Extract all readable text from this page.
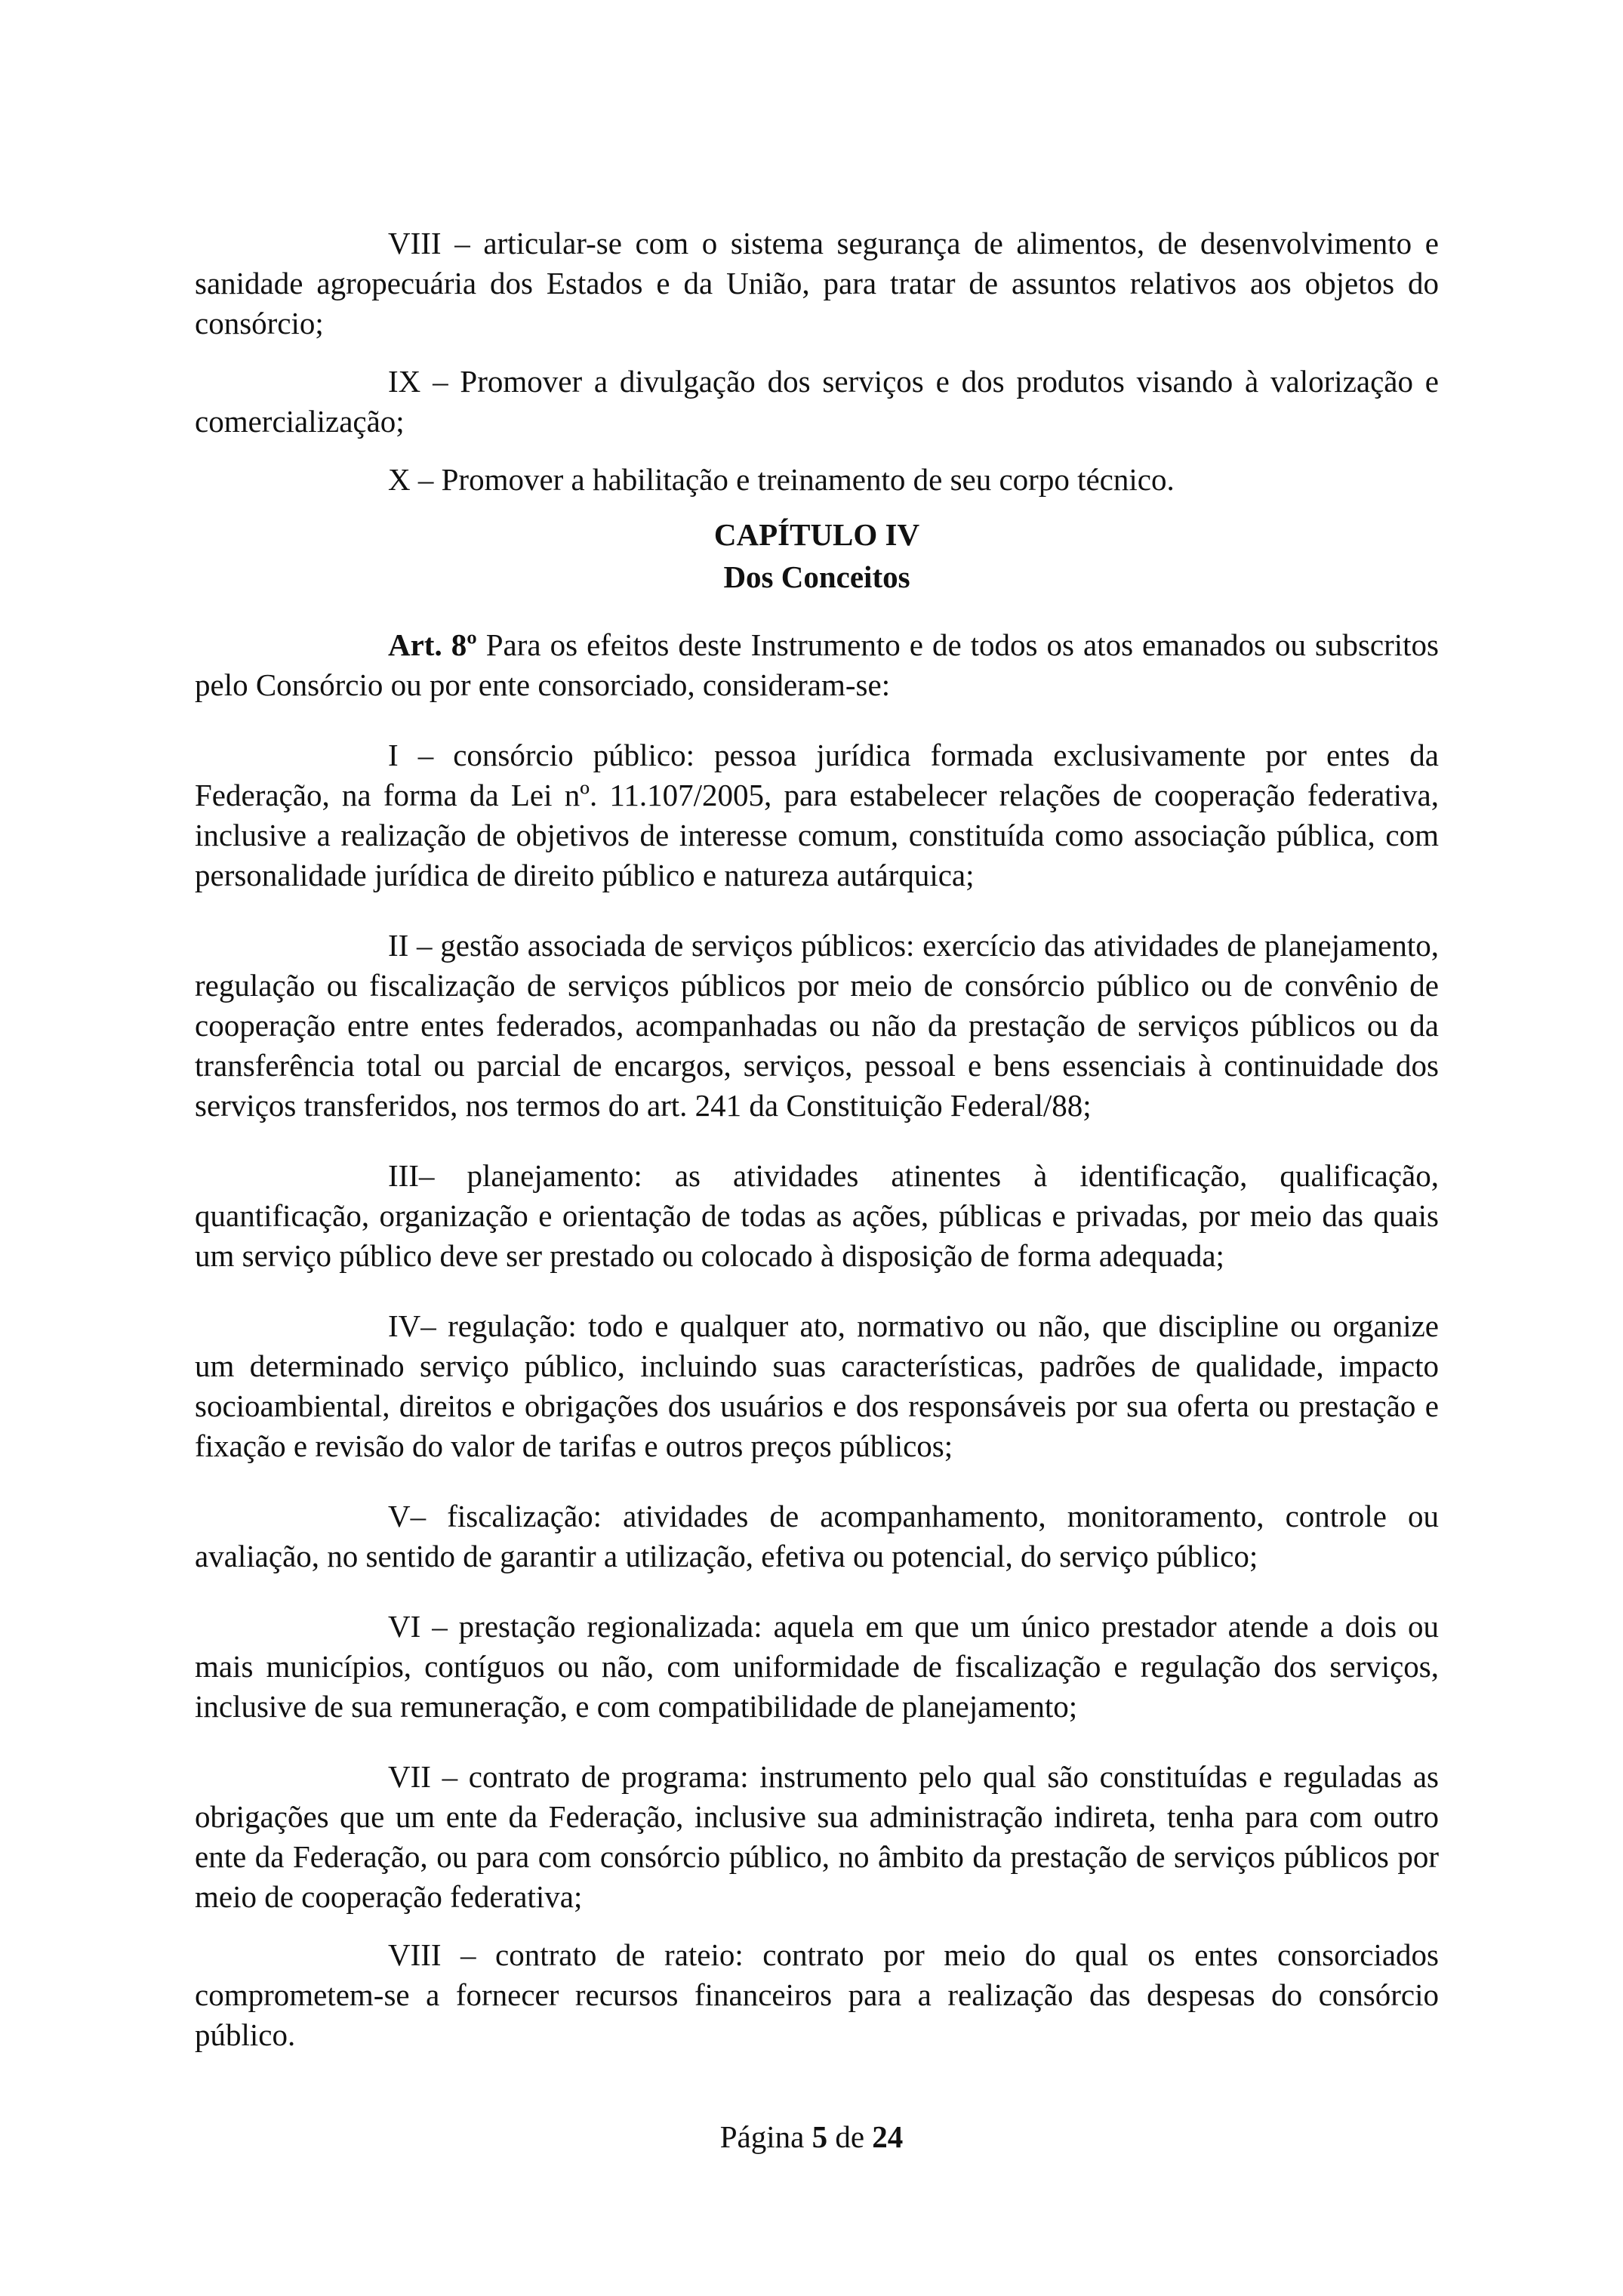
VIII – articular-se com o sistema segurança de alimentos, de desenvolvimento e sanidade agropecuária dos Estados e da União, para tratar de assuntos relativos aos objetos do consórcio;

IX – Promover a divulgação dos serviços e dos produtos visando à valorização e comercialização;

X – Promover a habilitação e treinamento de seu corpo técnico.

CAPÍTULO IV
Dos Conceitos

Art. 8º Para os efeitos deste Instrumento e de todos os atos emanados ou subscritos pelo Consórcio ou por ente consorciado, consideram-se:

I – consórcio público: pessoa jurídica formada exclusivamente por entes da Federação, na forma da Lei nº. 11.107/2005, para estabelecer relações de cooperação federativa, inclusive a realização de objetivos de interesse comum, constituída como associação pública, com personalidade jurídica de direito público e natureza autárquica;

II – gestão associada de serviços públicos: exercício das atividades de planejamento, regulação ou fiscalização de serviços públicos por meio de consórcio público ou de convênio de cooperação entre entes federados, acompanhadas ou não da prestação de serviços públicos ou da transferência total ou parcial de encargos, serviços, pessoal e bens essenciais à continuidade dos serviços transferidos, nos termos do art. 241 da Constituição Federal/88;

III– planejamento: as atividades atinentes à identificação, qualificação, quantificação, organização e orientação de todas as ações, públicas e privadas, por meio das quais um serviço público deve ser prestado ou colocado à disposição de forma adequada;

IV– regulação: todo e qualquer ato, normativo ou não, que discipline ou organize um determinado serviço público, incluindo suas características, padrões de qualidade, impacto socioambiental, direitos e obrigações dos usuários e dos responsáveis por sua oferta ou prestação e fixação e revisão do valor de tarifas e outros preços públicos;

V– fiscalização: atividades de acompanhamento, monitoramento, controle ou avaliação, no sentido de garantir a utilização, efetiva ou potencial, do serviço público;

VI – prestação regionalizada: aquela em que um único prestador atende a dois ou mais municípios, contíguos ou não, com uniformidade de fiscalização e regulação dos serviços, inclusive de sua remuneração, e com compatibilidade de planejamento;

VII – contrato de programa: instrumento pelo qual são constituídas e reguladas as obrigações que um ente da Federação, inclusive sua administração indireta, tenha para com outro ente da Federação, ou para com consórcio público, no âmbito da prestação de serviços públicos por meio de cooperação federativa;

VIII – contrato de rateio: contrato por meio do qual os entes consorciados comprometem-se a fornecer recursos financeiros para a realização das despesas do consórcio público.

Página 5 de 24
